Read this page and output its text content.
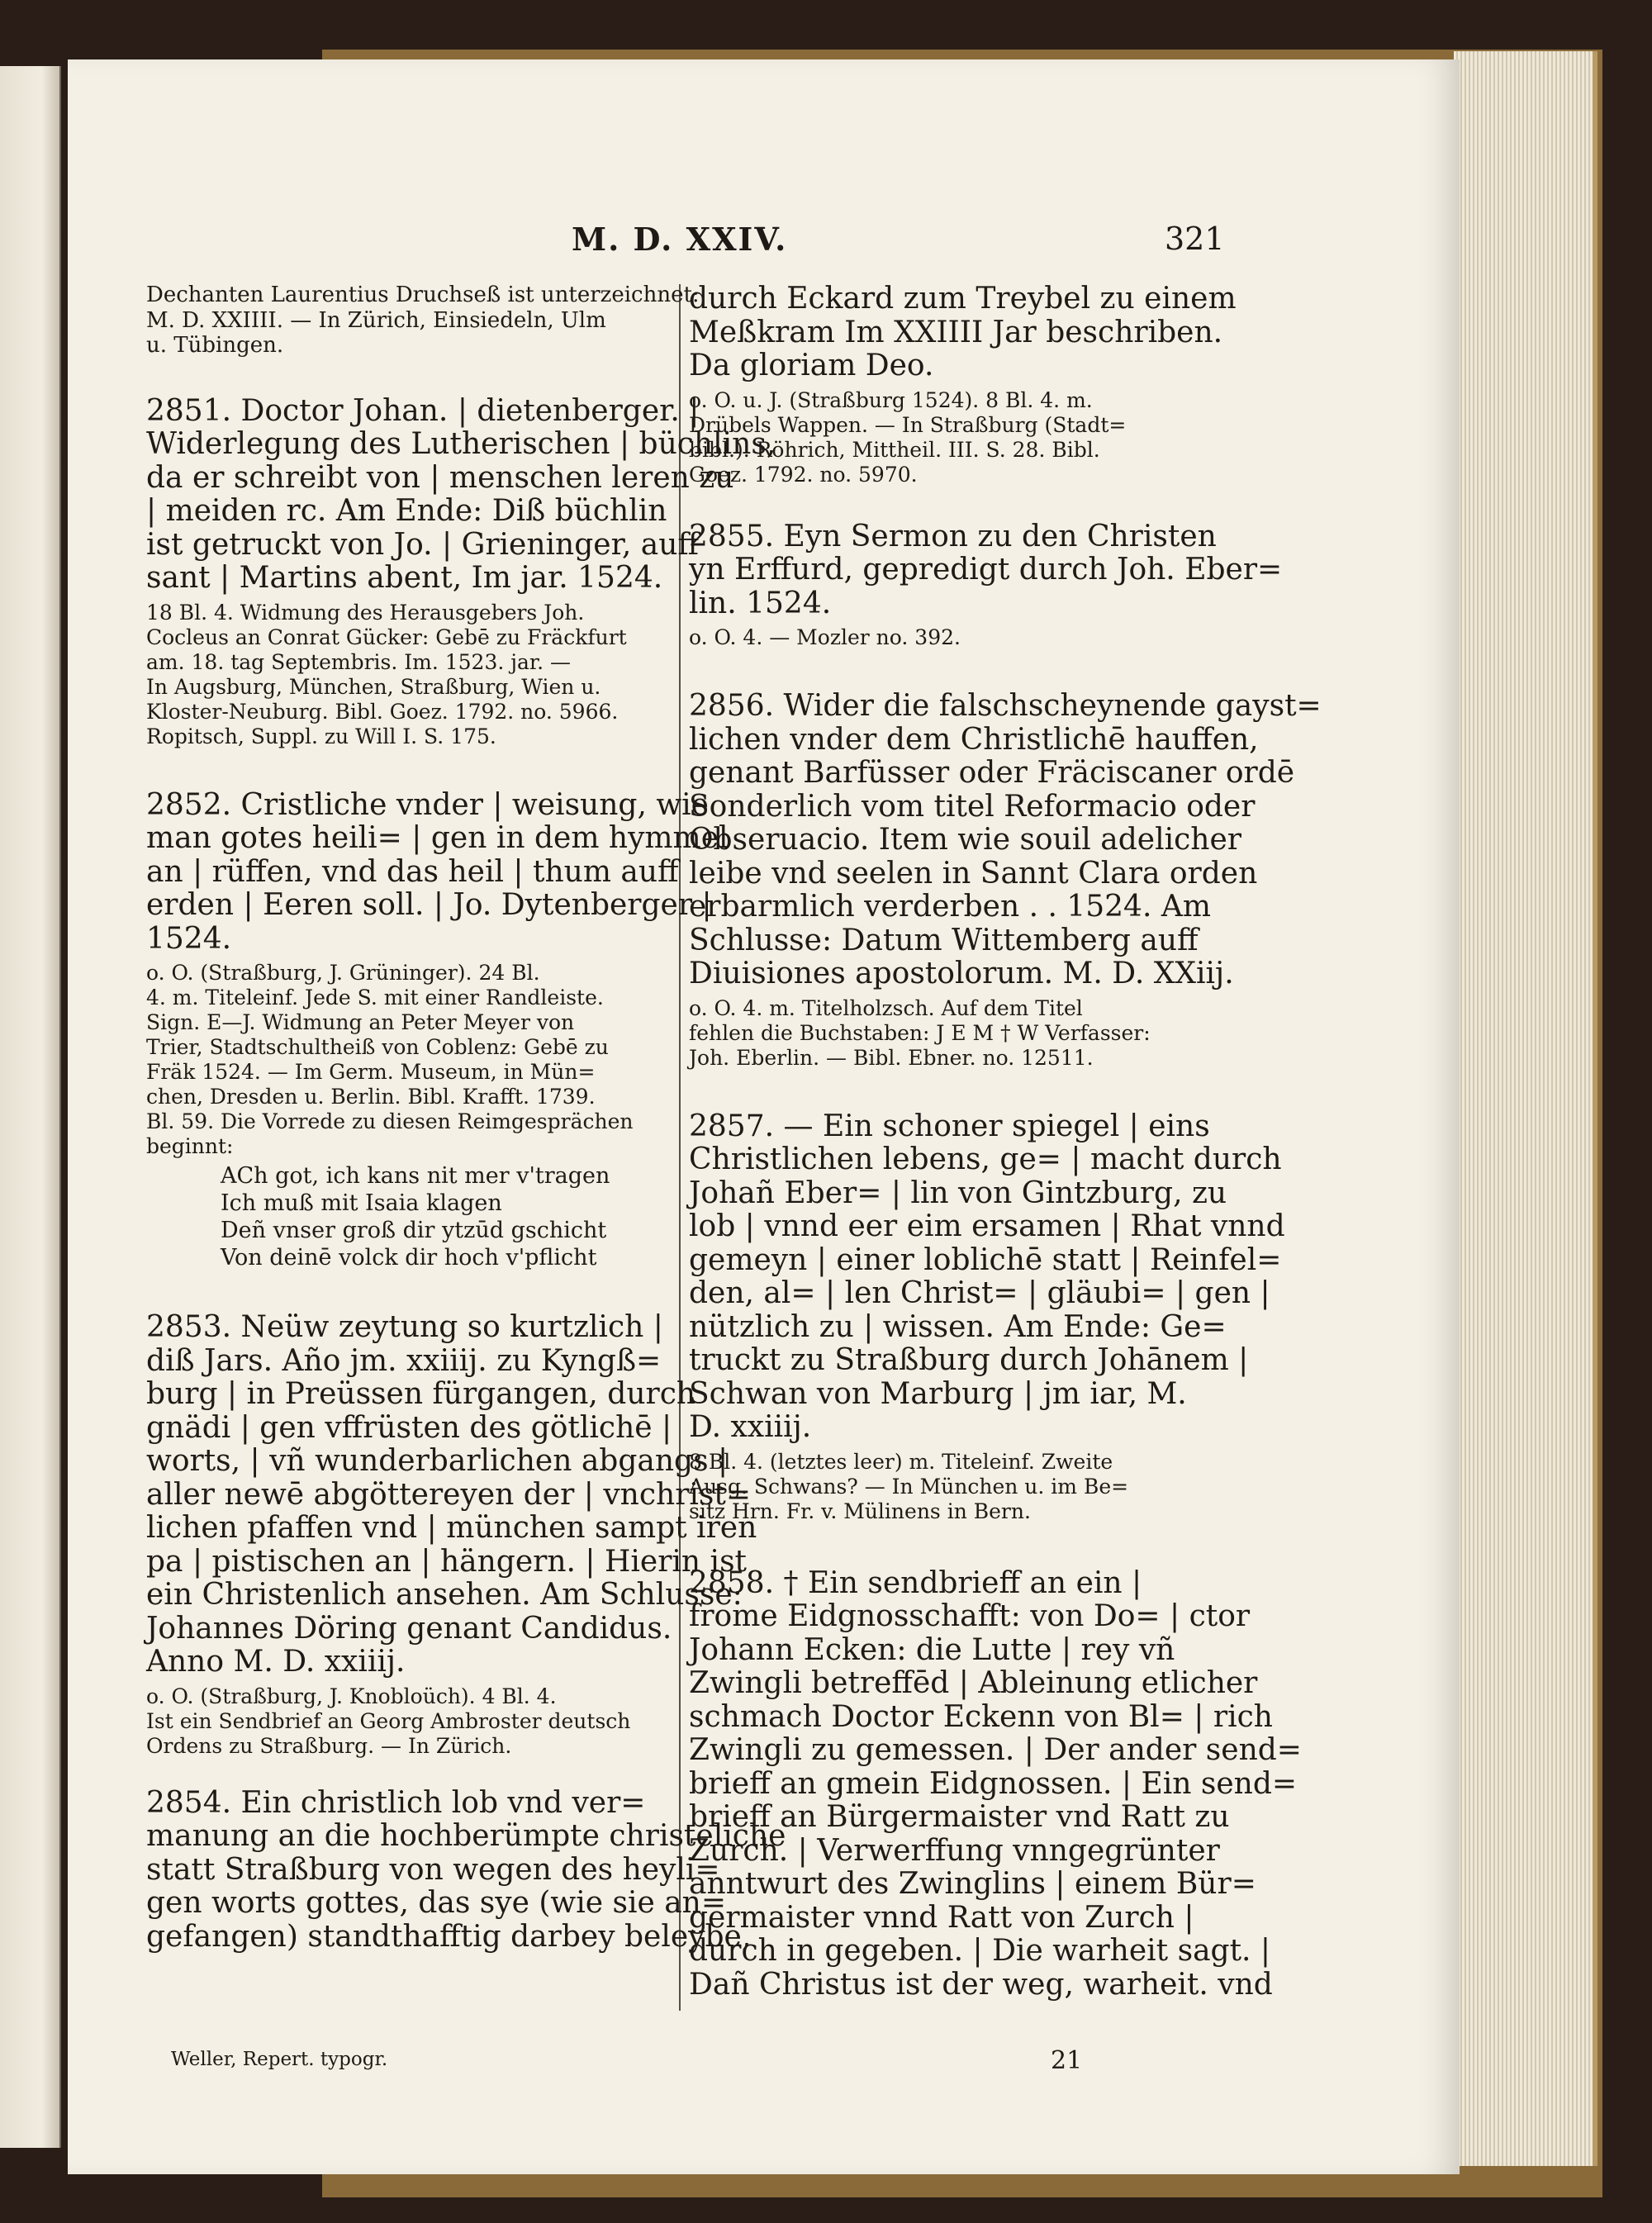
M. D. XXIV.	321
Dechanten Laurentius Druchseß ist unterzeichnet:
M. D. XXIIII. — In Zürich, Einsiedeln, Ulm
u. Tübingen.
2851. Doctor Johan. | dietenberger. |
Widerlegung des Lutherischen | büchlins,
da er schreibt von | menschen leren zu
| meiden rc. Am Ende: Diß büchlin
ist getruckt von Jo. | Grieninger, auff
sant | Martins abent, Im jar. 1524.
18 Bl. 4. Widmung des Herausgebers Joh.
Cocleus an Conrat Gücker: Gebē zu Fräckfurt
am. 18. tag Septembris. Im. 1523. jar. —
In Augsburg, München, Straßburg, Wien u.
Kloster-Neuburg. Bibl. Goez. 1792. no. 5966.
Ropitsch, Suppl. zu Will I. S. 175.
2852. Cristliche vnder | weisung, wie
man gotes heili= | gen in dem hymmel
an | rüffen, vnd das heil | thum auff
erden | Eeren soll. | Jo. Dytenberger |
1524.
o. O. (Straßburg, J. Grüninger). 24 Bl.
4. m. Titeleinf. Jede S. mit einer Randleiste.
Sign. E—J. Widmung an Peter Meyer von
Trier, Stadtschultheiß von Coblenz: Gebē zu
Fräk 1524. — Im Germ. Museum, in Mün=
chen, Dresden u. Berlin. Bibl. Krafft. 1739.
Bl. 59. Die Vorrede zu diesen Reimgesprächen
beginnt:
ACh got, ich kans nit mer v'tragen
Ich muß mit Isaia klagen
Deñ vnser groß dir ytzūd gschicht
Von deinē volck dir hoch v'pflicht
2853. Neüw zeytung so kurtzlich |
diß Jars. Año jm. xxiiij. zu Kyngß=
burg | in Preüssen fürgangen, durch
gnädi | gen vffrüsten des götlichē |
worts, | vñ wunderbarlichen abgangs |
aller newē abgöttereyen der | vnchrist=
lichen pfaffen vnd | münchen sampt iren
pa | pistischen an | hängern. | Hierin ist
ein Christenlich ansehen. Am Schlusse:
Johannes Döring genant Candidus.
Anno M. D. xxiiij.
o. O. (Straßburg, J. Knobloüch). 4 Bl. 4.
Ist ein Sendbrief an Georg Ambroster deutsch
Ordens zu Straßburg. — In Zürich.
2854. Ein christlich lob vnd ver=
manung an die hochberümpte christeliche
statt Straßburg von wegen des heyli=
gen worts gottes, das sye (wie sie an=
gefangen) standthafftig darbey beleybe,
durch Eckard zum Treybel zu einem
Meßkram Im XXIIII Jar beschriben.
Da gloriam Deo.
o. O. u. J. (Straßburg 1524). 8 Bl. 4. m.
Drübels Wappen. — In Straßburg (Stadt=
bibl.). Röhrich, Mittheil. III. S. 28. Bibl.
Goez. 1792. no. 5970.
2855. Eyn Sermon zu den Christen
yn Erffurd, gepredigt durch Joh. Eber=
lin. 1524.
o. O. 4. — Mozler no. 392.
2856. Wider die falschscheynende gayst=
lichen vnder dem Christlichē hauffen,
genant Barfüsser oder Fräciscaner ordē
Sonderlich vom titel Reformacio oder
Obseruacio. Item wie souil adelicher
leibe vnd seelen in Sannt Clara orden
erbarmlich verderben . . 1524. Am
Schlusse: Datum Wittemberg auff
Diuisiones apostolorum. M. D. XXiij.
o. O. 4. m. Titelholzsch. Auf dem Titel
fehlen die Buchstaben: J E M † W Verfasser:
Joh. Eberlin. — Bibl. Ebner. no. 12511.
2857. — Ein schoner spiegel | eins
Christlichen lebens, ge= | macht durch
Johañ Eber= | lin von Gintzburg, zu
lob | vnnd eer eim ersamen | Rhat vnnd
gemeyn | einer loblichē statt | Reinfel=
den, al= | len Christ= | gläubi= | gen |
nützlich zu | wissen. Am Ende: Ge=
truckt zu Straßburg durch Johānem |
Schwan von Marburg | jm iar, M.
D. xxiiij.
8 Bl. 4. (letztes leer) m. Titeleinf. Zweite
Ausg. Schwans? — In München u. im Be=
sitz Hrn. Fr. v. Mülinens in Bern.
2858. † Ein sendbrieff an ein |
frome Eidgnosschafft: von Do= | ctor
Johann Ecken: die Lutte | rey vñ
Zwingli betreffēd | Ableinung etlicher
schmach Doctor Eckenn von Bl= | rich
Zwingli zu gemessen. | Der ander send=
brieff an gmein Eidgnossen. | Ein send=
brieff an Bürgermaister vnd Ratt zu
Zurch. | Verwerffung vnngegrünter
anntwurt des Zwinglins | einem Bür=
germaister vnnd Ratt von Zurch |
durch in gegeben. | Die warheit sagt. |
Dañ Christus ist der weg, warheit. vnd
Weller, Repert. typogr.	21
